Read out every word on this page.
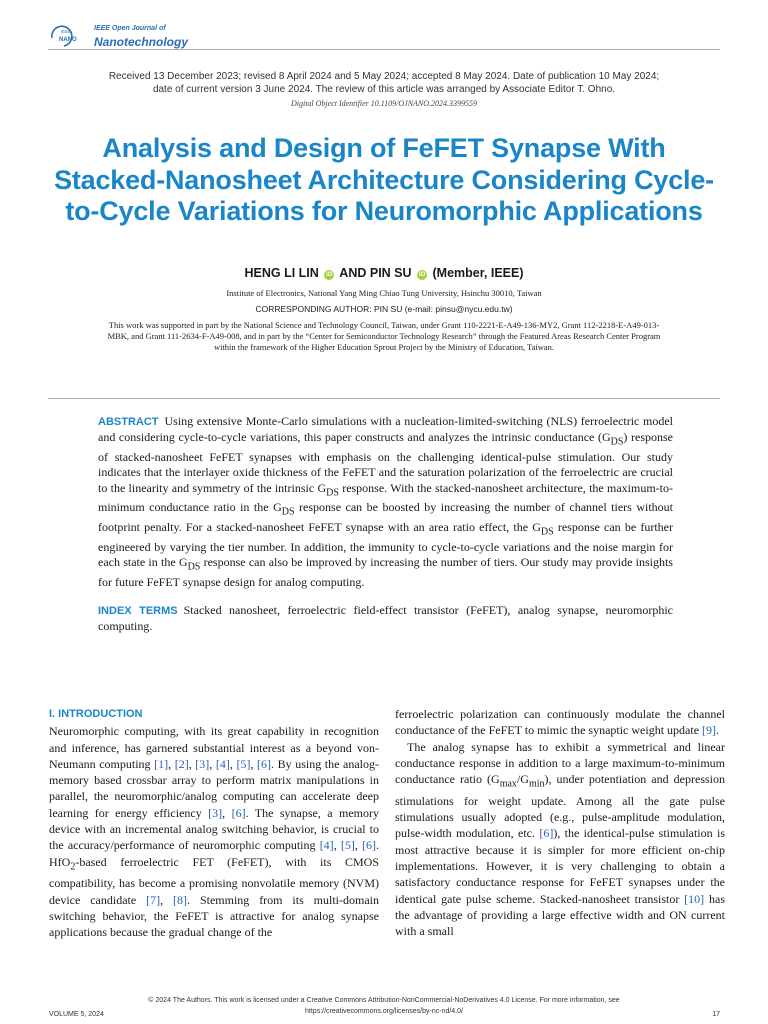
IEEE
NANO
IEEE Open Journal of
Nanotechnology
Received 13 December 2023; revised 8 April 2024 and 5 May 2024; accepted 8 May 2024. Date of publication 10 May 2024;
date of current version 3 June 2024. The review of this article was arranged by Associate Editor T. Ohno.
Digital Object Identifier 10.1109/OJNANO.2024.3399559
Analysis and Design of FeFET Synapse With Stacked-Nanosheet Architecture Considering Cycle-to-Cycle Variations for Neuromorphic Applications
HENG LI LIN iD AND PIN SU iD (Member, IEEE)
Institute of Electronics, National Yang Ming Chiao Tung University, Hsinchu 30010, Taiwan
CORRESPONDING AUTHOR: PIN SU (e-mail: pinsu@nycu.edu.tw)
This work was supported in part by the National Science and Technology Council, Taiwan, under Grant 110-2221-E-A49-136-MY2, Grant 112-2218-E-A49-013-MBK, and Grant 111-2634-F-A49-008, and in part by the “Center for Semiconductor Technology Research” through the Featured Areas Research Center Program within the framework of the Higher Education Sprout Project by the Ministry of Education, Taiwan.
ABSTRACT Using extensive Monte-Carlo simulations with a nucleation-limited-switching (NLS) ferroelectric model and considering cycle-to-cycle variations, this paper constructs and analyzes the intrinsic conductance $(G_{DS})$ response of stacked-nanosheet FeFET synapses with emphasis on the challenging identical-pulse stimulation. Our study indicates that the interlayer oxide thickness of the FeFET and the saturation polarization of the ferroelectric are crucial to the linearity and symmetry of the intrinsic $G_{DS}$ response. With the stacked-nanosheet architecture, the maximum-to-minimum conductance ratio in the $G_{DS}$ response can be boosted by increasing the number of channel tiers without footprint penalty. For a stacked-nanosheet FeFET synapse with an area ratio effect, the $G_{DS}$ response can be further engineered by varying the tier number. In addition, the immunity to cycle-to-cycle variations and the noise margin for each state in the $G_{DS}$ response can also be improved by increasing the number of tiers. Our study may provide insights for future FeFET synapse design for analog computing.
INDEX TERMS Stacked nanosheet, ferroelectric field-effect transistor (FeFET), analog synapse, neuromorphic computing.
I. INTRODUCTION

Neuromorphic computing, with its great capability in recognition and inference, has garnered substantial interest as a beyond von-Neumann computing [1], [2], [3], [4], [5], [6]. By using the analog-memory based crossbar array to perform matrix manipulations in parallel, the neuromorphic/analog computing can accelerate deep learning for energy efficiency [3], [6]. The synapse, a memory device with an incremental analog switching behavior, is crucial to the accuracy/performance of neuromorphic computing [4], [5], [6]. HfO$_2$-based ferroelectric FET (FeFET), with its CMOS compatibility, has become a promising nonvolatile memory (NVM) device candidate [7], [8]. Stemming from its multi-domain switching behavior, the FeFET is attractive for analog synapse applications because the gradual change of the

ferroelectric polarization can continuously modulate the channel conductance of the FeFET to mimic the synaptic weight update [9].

The analog synapse has to exhibit a symmetrical and linear conductance response in addition to a large maximum-to-minimum conductance ratio $(G_{max}/G_{min})$, under potentiation and depression stimulations for weight update. Among all the gate pulse stimulations usually adopted (e.g., pulse-amplitude modulation, pulse-width modulation, etc. [6]), the identical-pulse stimulation is most attractive because it is simpler for more efficient on-chip implementations. However, it is very challenging to obtain a satisfactory conductance response for FeFET synapses under the identical gate pulse scheme. Stacked-nanosheet transistor [10] has the advantage of providing a large effective width and ON current with a small

© 2024 The Authors. This work is licensed under a Creative Commons Attribution-NonCommercial-NoDerivatives 4.0 License. For more information, see
https://creativecommons.org/licenses/by-nc-nd/4.0/
VOLUME 5, 2024	17
